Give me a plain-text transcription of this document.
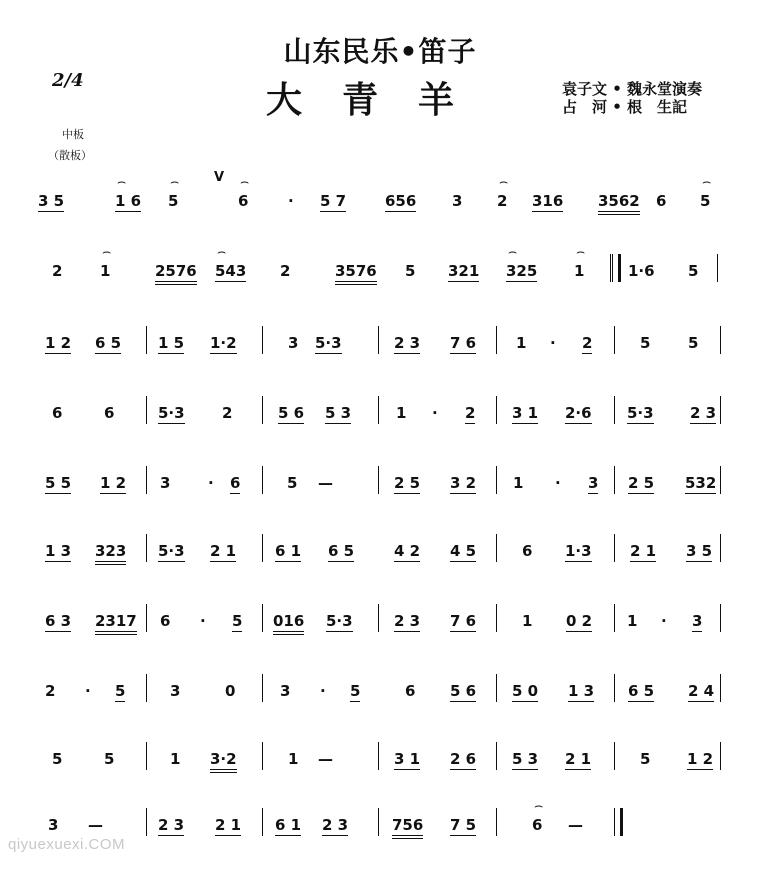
山东民乐•笛子
大青羊
2/4	袁子文 • 魏永堂演奏
占　河 • 根　生記
中板
（散板）
V
3 5	1 6
⌢
5
⌢
6
⌢
· 5 7	656 3 2
⌢
316 3562 6 5
⌢
2	1
⌢
2576 543
⌢
2	3576 5 321 325
⌢
1
⌢
1·6 5
1 2 6 5 1 5 1·2	3 5·3	2 3 7 6	1 · 2	5	5
6	6	5·3 2	5 6 5 3	1 · 2 3 1 2·6 5·3 2 3
5 5 1 2 3	· 6	5 —	2 5 3 2 1 · 3 2 5 532
1 3 323 5·3 2 1	6 1 6 5	4 2 4 5	6 1·3	2 1 3 5
6 3 2317 6 · 5 016 5·3	2 3 7 6	1 0 2 1 · 3
2 · 5	3	0	3 · 5	6 5 6 5 0 1 3 6 5 2 4
5	5	1 3·2	1 —	3 1 2 6 5 3 2 1	5 1 2
3 —	2 3 2 1 6 1 2 3	756 7 5	6
⌢
—
qiyuexuexi.COM
